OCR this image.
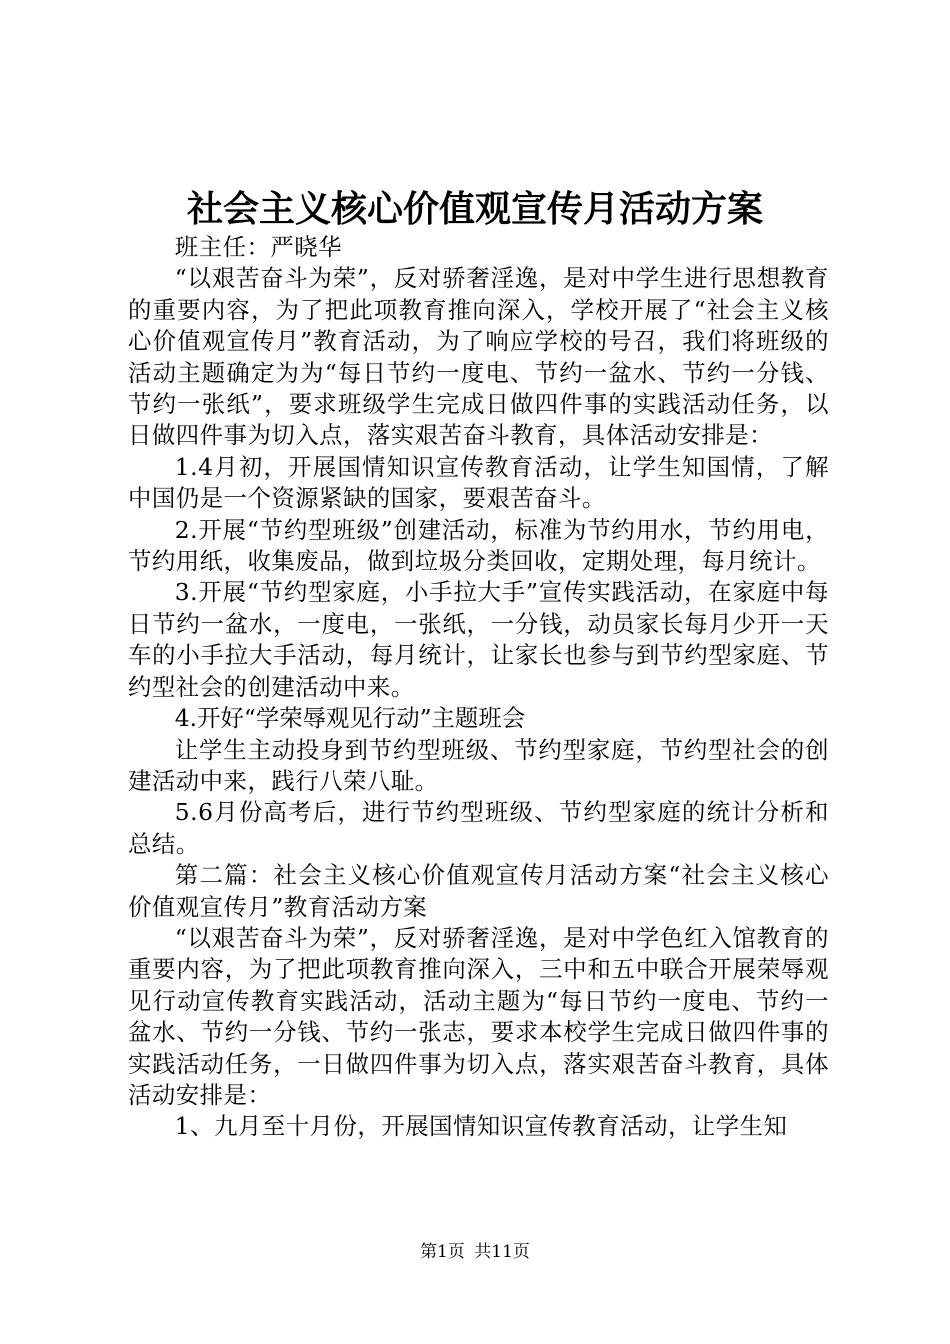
社会主义核心价值观宣传月活动方案

班主任：严晓华

“以艰苦奋斗为荣”，反对骄奢淫逸，是对中学生进行思想教育的重要内容，为了把此项教育推向深入，学校开展了“社会主义核心价值观宣传月”教育活动，为了响应学校的号召，我们将班级的活动主题确定为为“每日节约一度电、节约一盆水、节约一分钱、节约一张纸”，要求班级学生完成日做四件事的实践活动任务，以日做四件事为切入点，落实艰苦奋斗教育，具体活动安排是：

1.4月初，开展国情知识宣传教育活动，让学生知国情，了解中国仍是一个资源紧缺的国家，要艰苦奋斗。

2.开展“节约型班级”创建活动，标准为节约用水，节约用电，节约用纸，收集废品，做到垃圾分类回收，定期处理，每月统计。

3.开展“节约型家庭，小手拉大手”宣传实践活动，在家庭中每日节约一盆水，一度电，一张纸，一分钱，动员家长每月少开一天车的小手拉大手活动，每月统计，让家长也参与到节约型家庭、节约型社会的创建活动中来。

4.开好“学荣辱观见行动”主题班会

让学生主动投身到节约型班级、节约型家庭，节约型社会的创建活动中来，践行八荣八耻。

5.6月份高考后，进行节约型班级、节约型家庭的统计分析和总结。

第二篇：社会主义核心价值观宣传月活动方案“社会主义核心价值观宣传月”教育活动方案

“以艰苦奋斗为荣”，反对骄奢淫逸，是对中学色红入馆教育的重要内容，为了把此项教育推向深入，三中和五中联合开展荣辱观见行动宣传教育实践活动，活动主题为“每日节约一度电、节约一盆水、节约一分钱、节约一张志，要求本校学生完成日做四件事的实践活动任务，一日做四件事为切入点，落实艰苦奋斗教育，具体活动安排是：

1、九月至十月份，开展国情知识宣传教育活动，让学生知

第1页 共11页
